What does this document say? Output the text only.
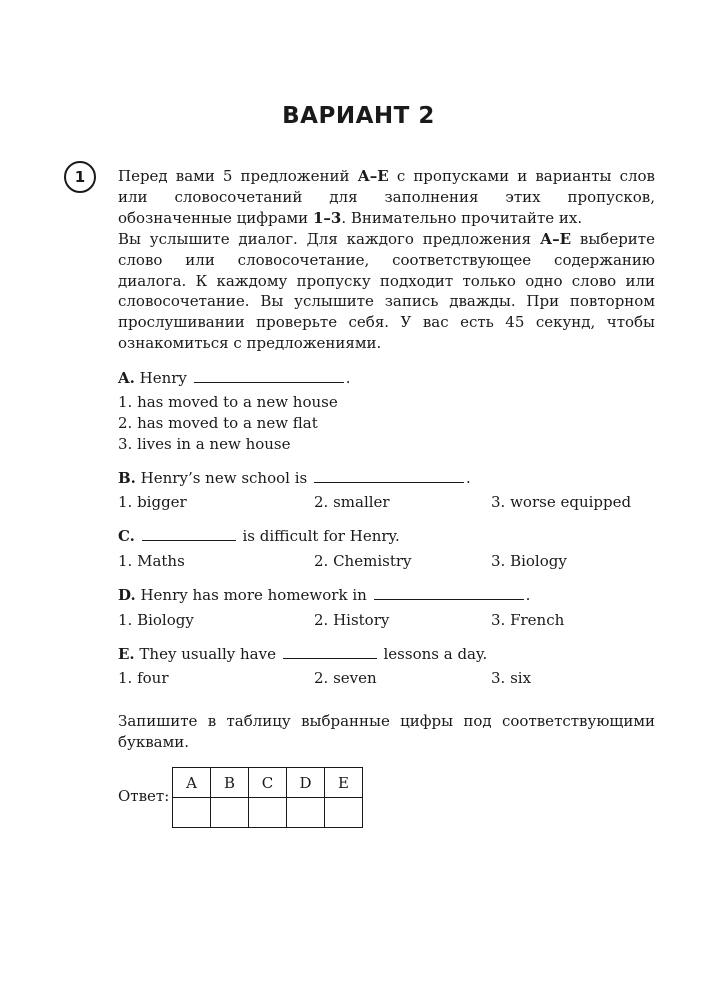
ВАРИАНТ 2
1	Перед вами 5 предложений А–Е с пропусками и варианты слов или словосочетаний для заполнения этих пропусков, обозначенные цифрами 1–3. Внимательно прочитайте их.
Вы услышите диалог. Для каждого предложения А–Е выберите слово или словосочетание, соответствующее содержанию диалога. К каждому пропуску подходит только одно слово или словосочетание. Вы услышите запись дважды. При повторном прослушивании проверьте себя. У вас есть 45 секунд, чтобы ознакомиться с предложениями.
A. Henry	.
1. has moved to a new house
2. has moved to a new flat
3. lives in a new house
B. Henry’s new school is	.
1. bigger	2. smaller	3. worse equipped
C.	is difficult for Henry.
1. Maths	2. Chemistry	3. Biology
D. Henry has more homework in	.
1. Biology	2. History	3. French
E. They usually have	lessons a day.
1. four	2. seven	3. six
Запишите в таблицу выбранные цифры под соответствующими буквами.
Ответ:
A	B	C	D	E
